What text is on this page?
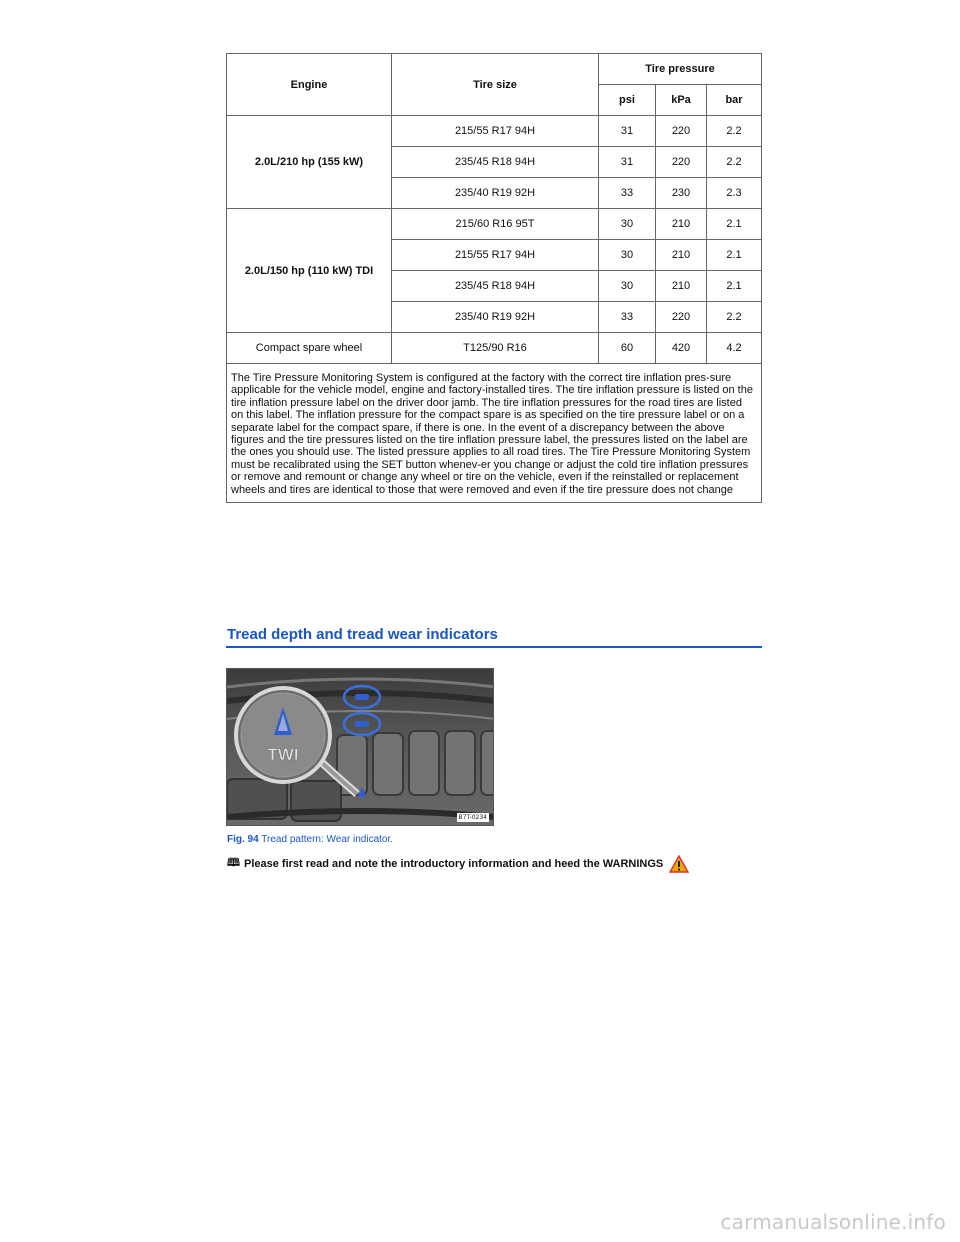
Engine	Tire size	Tire pressure		
		psi	kPa	bar
2.0L/210 hp (155 kW)	215/55 R17 94H	31	220	2.2
	235/45 R18 94H	31	220	2.2
	235/40 R19 92H	33	230	2.3
2.0L/150 hp (110 kW) TDI	215/60 R16 95T	30	210	2.1
	215/55 R17 94H	30	210	2.1
	235/45 R18 94H	30	210	2.1
	235/40 R19 92H	33	220	2.2
Compact spare wheel	T125/90 R16	60	420	4.2
The Tire Pressure Monitoring System is configured at the factory with the correct tire inflation pres-sure applicable for the vehicle model, engine and factory-installed tires. The tire inflation pressure is listed on the tire inflation pressure label on the driver door jamb. The tire inflation pressures for the road tires are listed on this label. The inflation pressure for the compact spare is as specified on the tire pressure label or on a separate label for the compact spare, if there is one. In the event of a discrepancy between the above figures and the tire pressures listed on the tire inflation pressure label, the pressures listed on the label are the ones you should use. The listed pressure applies to all road tires. The Tire Pressure Monitoring System must be recalibrated using the SET button whenev-er you change or adjust the cold tire inflation pressures or remove and remount or change any wheel or tire on the vehicle, even if the reinstalled or replacement wheels and tires are identical to those that were removed and even if the tire pressure does not change				
Tread depth and tread wear indicators
TWI
B7T-0234
Fig. 94 Tread pattern: Wear indicator.
🕮 Please first read and note the introductory information and heed the WARNINGS
carmanualsonline.info
